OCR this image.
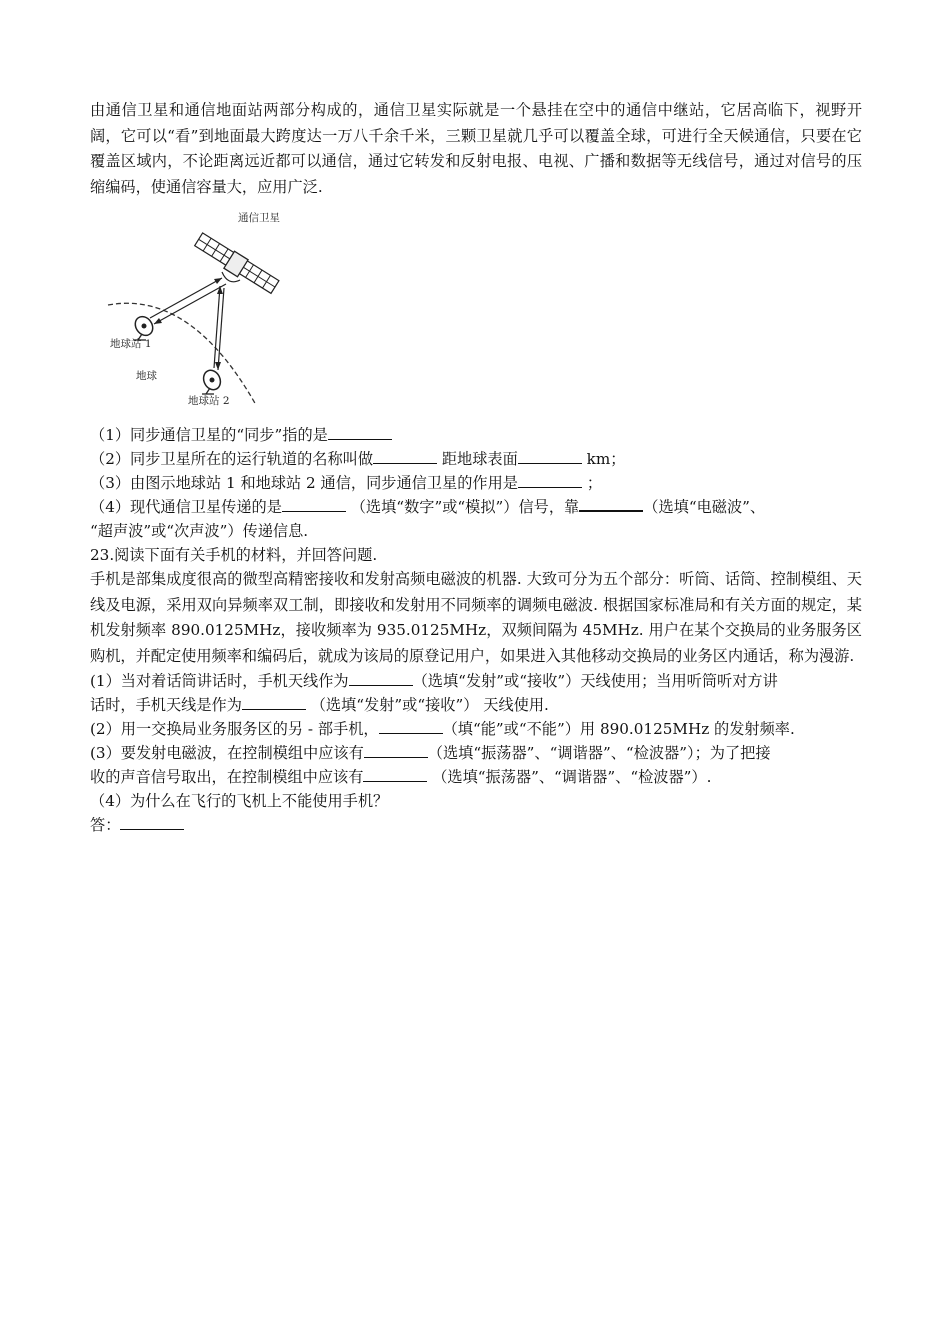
由通信卫星和通信地面站两部分构成的，通信卫星实际就是一个悬挂在空中的通信中继站，它居高临下，视野开阔，它可以“看”到地面最大跨度达一万八千余千米，三颗卫星就几乎可以覆盖全球，可进行全天候通信，只要在它覆盖区域内，不论距离远近都可以通信，通过它转发和反射电报、电视、广播和数据等无线信号，通过对信号的压缩编码，使通信容量大，应用广泛.

通信卫星
地球站 1
地球
地球站 2

（1）同步通信卫星的“同步”指的是

（2）同步卫星所在的运行轨道的名称叫做	距地球表面	km；

（3）由图示地球站 1 和地球站 2 通信，同步通信卫星的作用是	；

（4）现代通信卫星传递的是	（选填“数字”或“模拟”）信号，靠	（选填“电磁波”、

“超声波”或“次声波”）传递信息.

23.阅读下面有关手机的材料，并回答问题.

手机是部集成度很高的微型高精密接收和发射高频电磁波的机器. 大致可分为五个部分：听筒、话筒、控制模组、天线及电源，采用双向异频率双工制，即接收和发射用不同频率的调频电磁波. 根据国家标准局和有关方面的规定，某机发射频率 890.0125MHz，接收频率为 935.0125MHz，双频间隔为 45MHz. 用户在某个交换局的业务服务区购机，并配定使用频率和编码后，就成为该局的原登记用户，如果进入其他移动交换局的业务区内通话，称为漫游.

(1）当对着话筒讲话时，手机天线作为	（选填“发射”或“接收”）天线使用；当用听筒听对方讲

话时，手机天线是作为	（选填“发射”或“接收”） 天线使用.

(2）用一交换局业务服务区的另 - 部手机，	（填“能”或“不能”）用 890.0125MHz 的发射频率.

(3）要发射电磁波，在控制模组中应该有	（选填“振荡器”、“调谐器”、“检波器”）；为了把接

收的声音信号取出，在控制模组中应该有	（选填“振荡器”、“调谐器”、“检波器”）.

（4）为什么在飞行的飞机上不能使用手机？

答：
